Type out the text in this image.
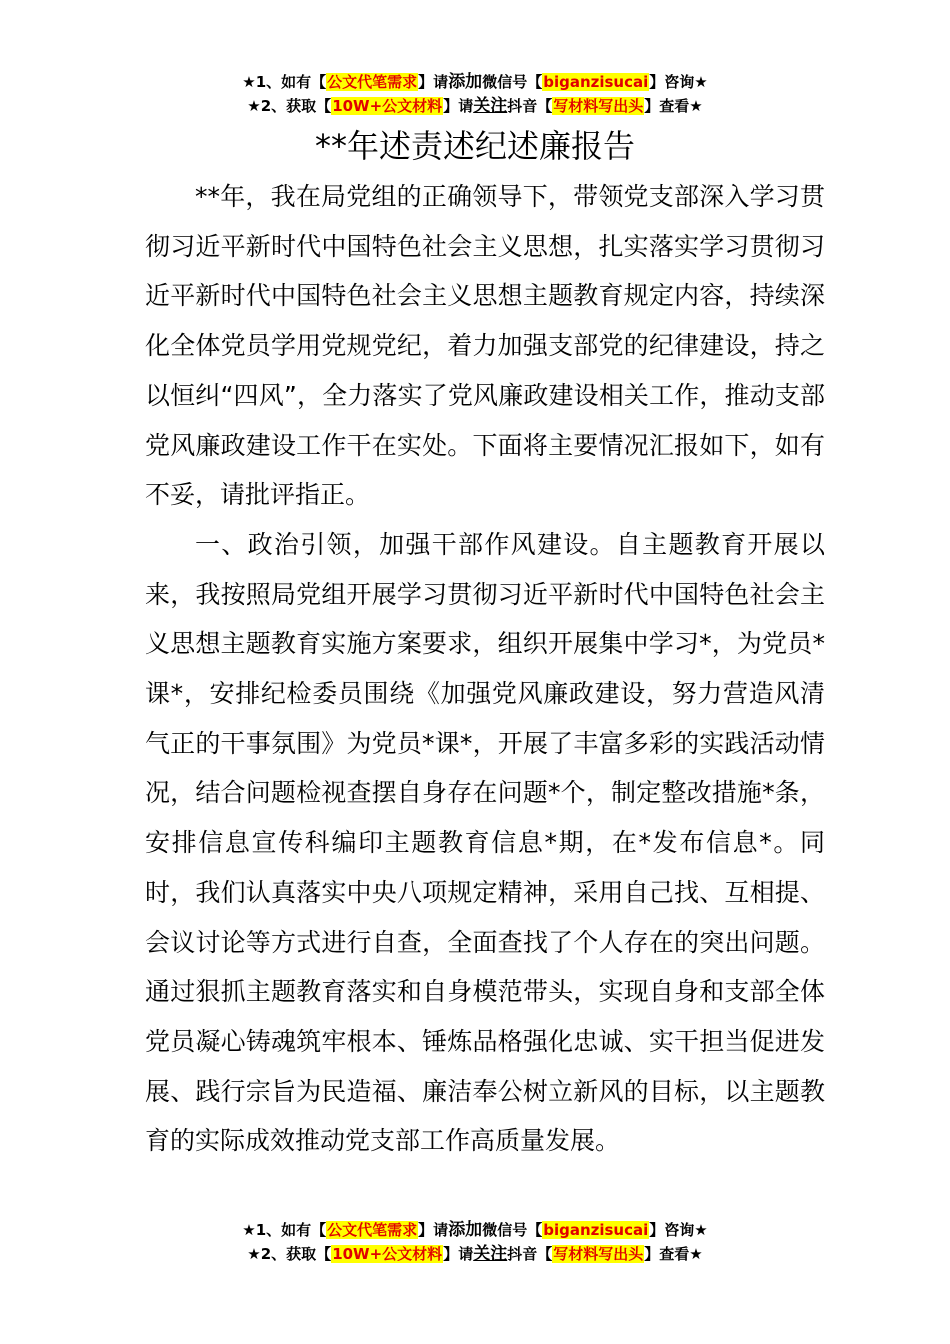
★1、如有【公文代笔需求】请添加微信号【biganzisucai】咨询★
★2、获取【10W+公文材料】请关注抖音【写材料写出头】查看★
**年述责述纪述廉报告

**年，我在局党组的正确领导下，带领党支部深入学习贯彻习近平新时代中国特色社会主义思想，扎实落实学习贯彻习近平新时代中国特色社会主义思想主题教育规定内容，持续深化全体党员学用党规党纪，着力加强支部党的纪律建设，持之以恒纠“四风”，全力落实了党风廉政建设相关工作，推动支部党风廉政建设工作干在实处。下面将主要情况汇报如下，如有不妥，请批评指正。

一、政治引领，加强干部作风建设。自主题教育开展以来，我按照局党组开展学习贯彻习近平新时代中国特色社会主义思想主题教育实施方案要求，组织开展集中学习*，为党员*课*，安排纪检委员围绕《加强党风廉政建设，努力营造风清气正的干事氛围》为党员*课*，开展了丰富多彩的实践活动情况，结合问题检视查摆自身存在问题*个，制定整改措施*条，安排信息宣传科编印主题教育信息*期，在*发布信息*。同时，我们认真落实中央八项规定精神，采用自己找、互相提、会议讨论等方式进行自查，全面查找了个人存在的突出问题。通过狠抓主题教育落实和自身模范带头，实现自身和支部全体党员凝心铸魂筑牢根本、锤炼品格强化忠诚、实干担当促进发展、践行宗旨为民造福、廉洁奉公树立新风的目标，以主题教育的实际成效推动党支部工作高质量发展。

★1、如有【公文代笔需求】请添加微信号【biganzisucai】咨询★
★2、获取【10W+公文材料】请关注抖音【写材料写出头】查看★
